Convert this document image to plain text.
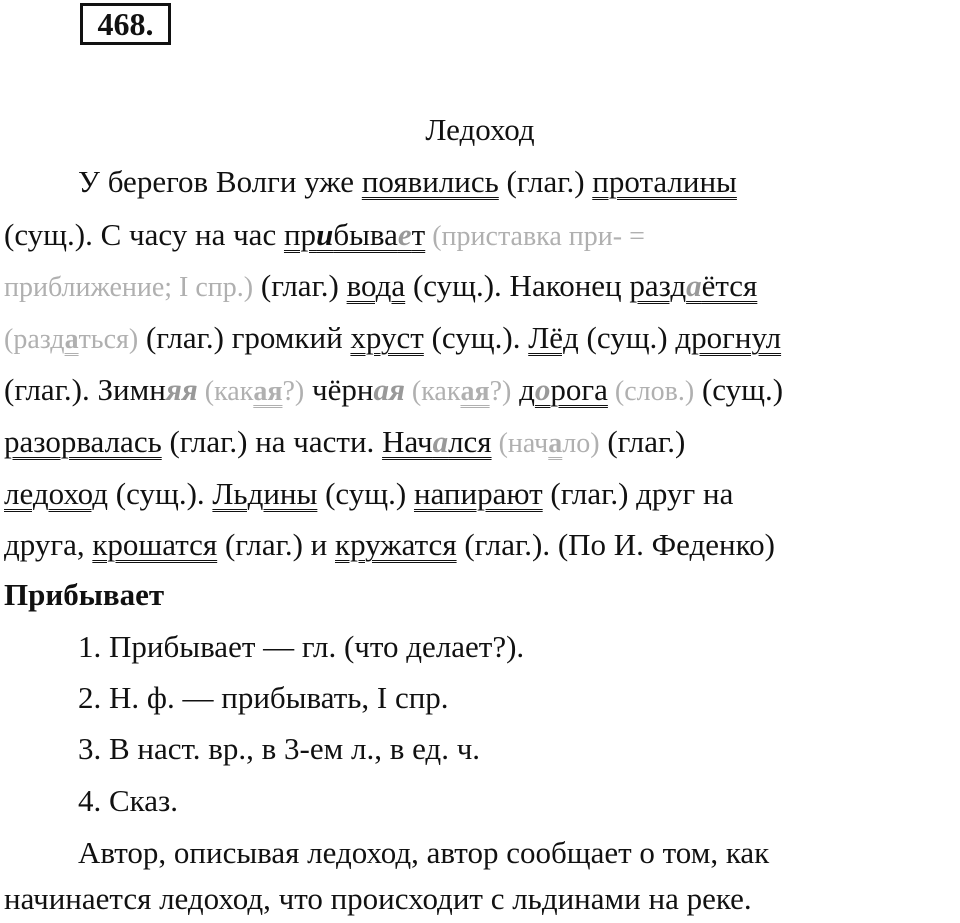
468.
Ледоход
У берегов Волги уже появились (глаг.) проталины
(сущ.). С часу на час прибывает (приставка при- =
приближение; I спр.) (глаг.) вода (сущ.). Наконец раздаётся
(раздаться) (глаг.) громкий хруст (сущ.). Лёд (сущ.) дрогнул
(глаг.). Зимняя (какая?) чёрная (какая?) дорога (слов.) (сущ.)
разорвалась (глаг.) на части. Начался (начало) (глаг.)
ледоход (сущ.). Льдины (сущ.) напирают (глаг.) друг на
друга, крошатся (глаг.) и кружатся (глаг.). (По И. Феденко)
Прибывает
1. Прибывает — гл. (что делает?).
2. Н. ф. — прибывать, I спр.
3. В наст. вр., в 3-ем л., в ед. ч.
4. Сказ.
Автор, описывая ледоход, автор сообщает о том, как
начинается ледоход, что происходит с льдинами на реке.
